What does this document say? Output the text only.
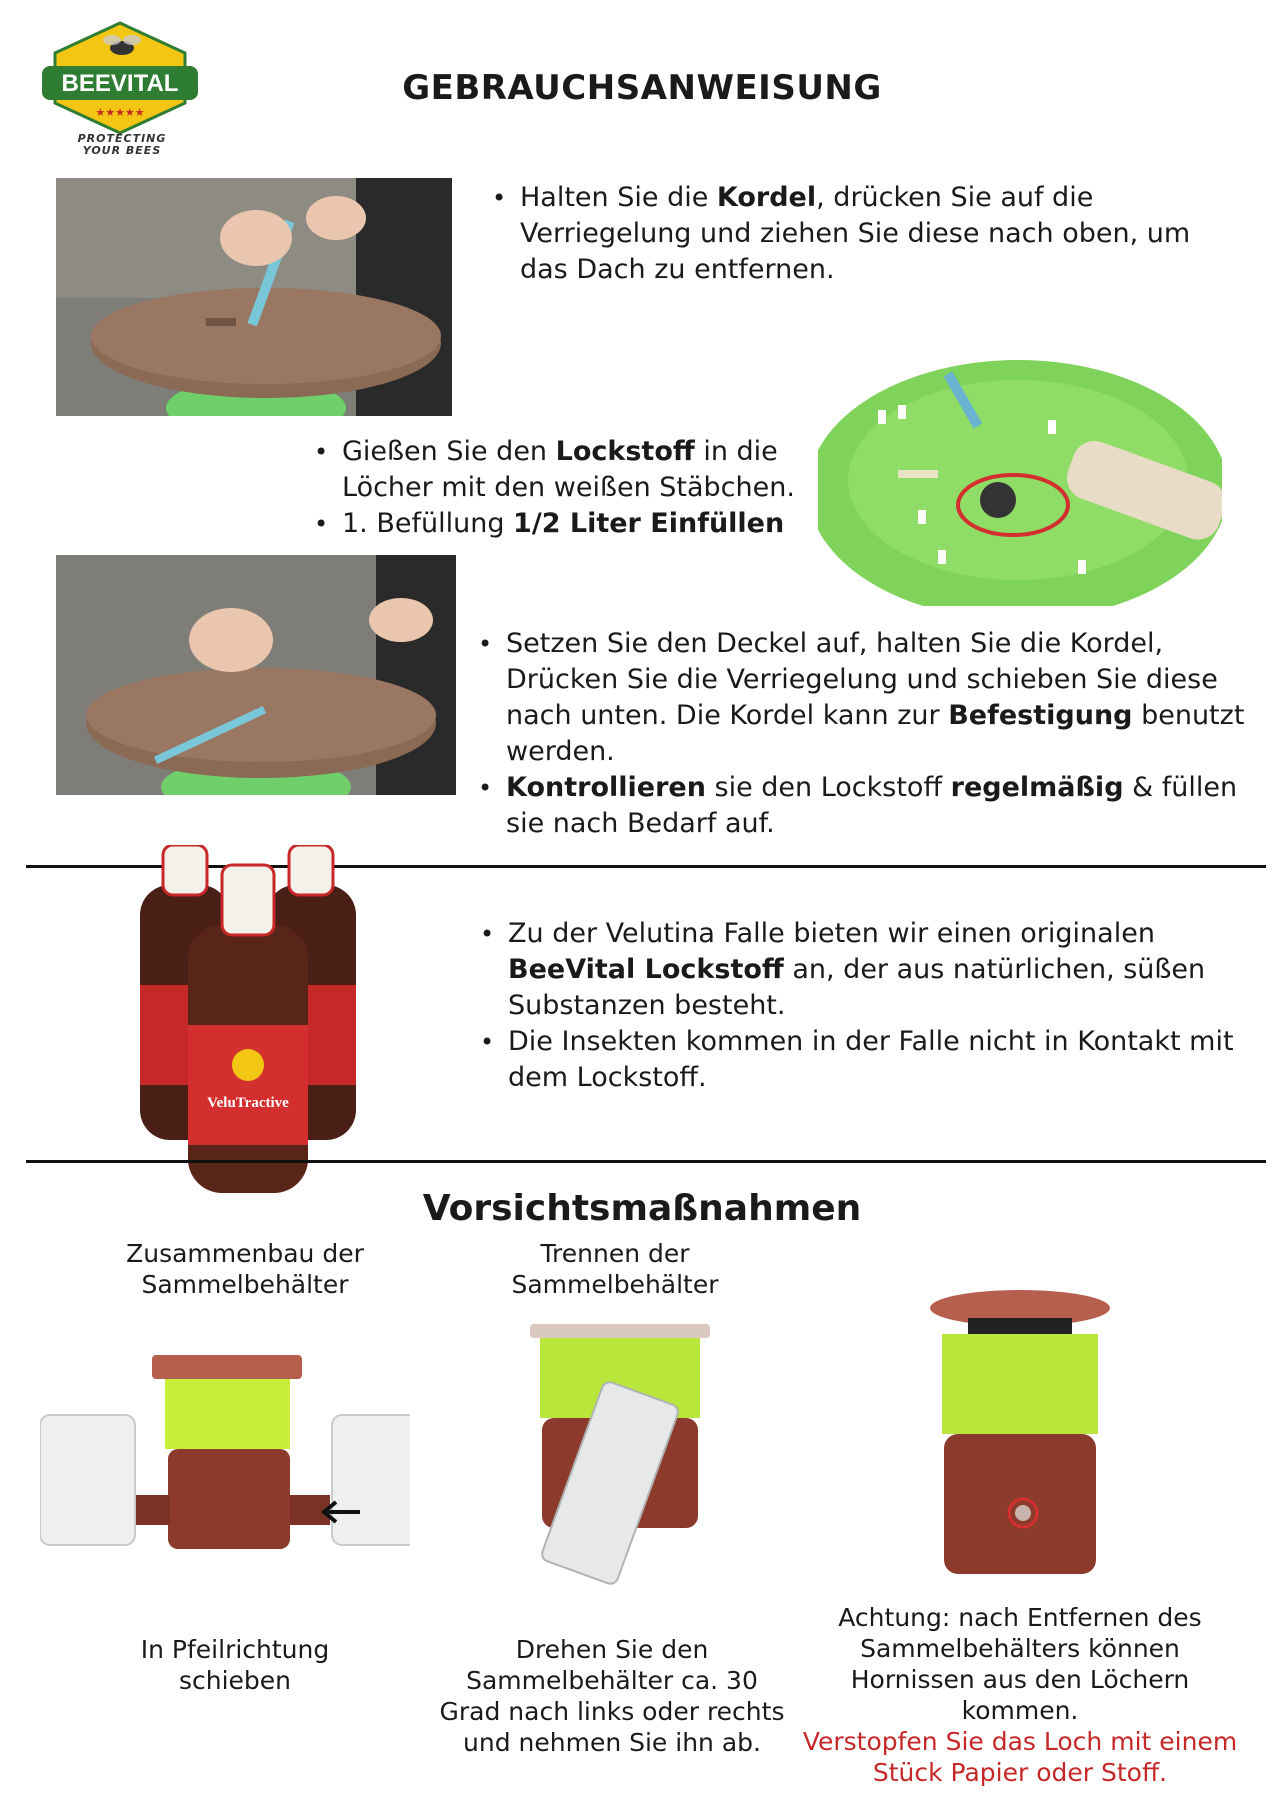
BEEVITAL
★★★★★
PROTECTING
YOUR BEES
GEBRAUCHSANWEISUNG
• Halten Sie die Kordel, drücken Sie auf die Verriegelung und ziehen Sie diese nach oben, um das Dach zu entfernen.
• Gießen Sie den Lockstoff in die Löcher mit den weißen Stäbchen.
• 1. Befüllung 1/2 Liter Einfüllen
• Setzen Sie den Deckel auf, halten Sie die Kordel, Drücken Sie die Verriegelung und schieben Sie diese nach unten. Die Kordel kann zur Befestigung benutzt werden.
• Kontrollieren sie den Lockstoff regelmäßig & füllen sie nach Bedarf auf.
VeluTractive
• Zu der Velutina Falle bieten wir einen originalen BeeVital Lockstoff an, der aus natürlichen, süßen Substanzen besteht.
• Die Insekten kommen in der Falle nicht in Kontakt mit dem Lockstoff.
Vorsichtsmaßnahmen
Zusammenbau der Sammelbehälter
In Pfeilrichtung schieben
Trennen der Sammelbehälter
Drehen Sie den Sammelbehälter ca. 30 Grad nach links oder rechts und nehmen Sie ihn ab.
Achtung: nach Entfernen des Sammelbehälters können Hornissen aus den Löchern kommen.
Verstopfen Sie das Loch mit einem Stück Papier oder Stoff.
